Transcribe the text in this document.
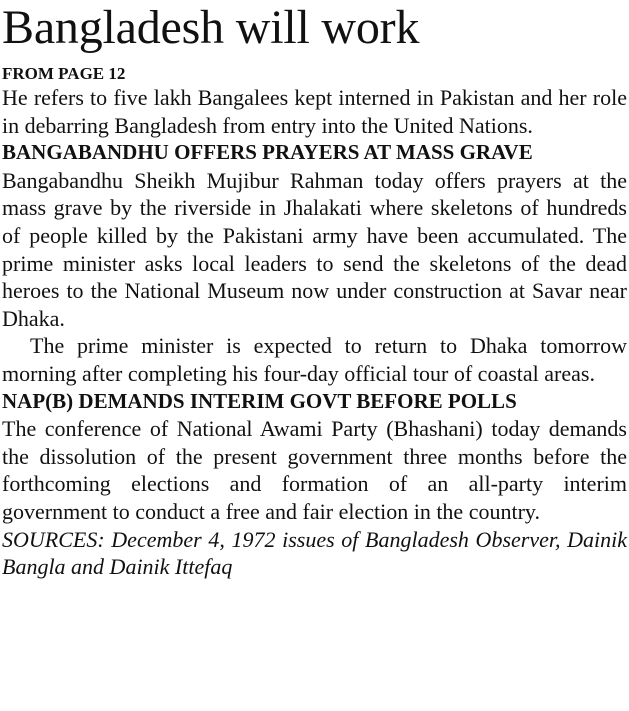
Bangladesh will work
FROM PAGE 12

He refers to five lakh Bangalees kept interned in Pakistan and her role in debarring Bangladesh from entry into the United Nations.

BANGABANDHU OFFERS PRAYERS AT MASS GRAVE

Bangabandhu Sheikh Mujibur Rahman today offers prayers at the mass grave by the riverside in Jhalakati where skeletons of hundreds of people killed by the Pakistani army have been accumulated. The prime minister asks local leaders to send the skeletons of the dead heroes to the National Museum now under construction at Savar near Dhaka.

The prime minister is expected to return to Dhaka tomorrow morning after completing his four-day official tour of coastal areas.

NAP(B) DEMANDS INTERIM GOVT BEFORE POLLS

The conference of National Awami Party (Bhashani) today demands the dissolution of the present government three months before the forthcoming elections and formation of an all-party interim government to conduct a free and fair election in the country.

SOURCES: December 4, 1972 issues of Bangladesh Observer, Dainik Bangla and Dainik Ittefaq
